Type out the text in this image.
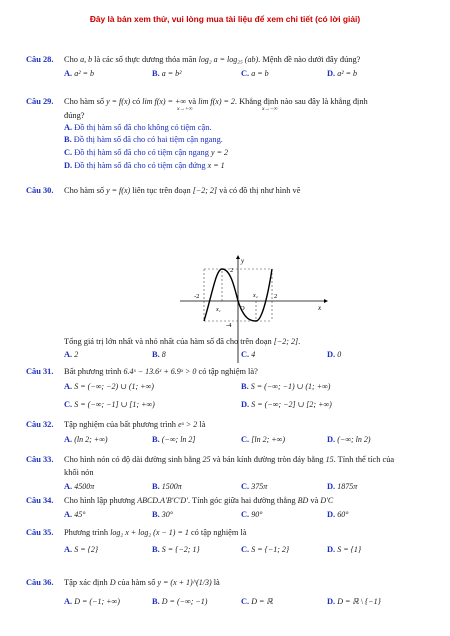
Đây là bản xem thử, vui lòng mua tài liệu để xem chi tiết (có lời giải)
Câu 28. Cho a, b là các số thực dương thỏa mãn log₂ a = log₂₅ (ab). Mệnh đề nào dưới đây đúng?
A. a² = b	B. a = b²	C. a = b	D. a² = b
Câu 29. Cho hàm số y = f(x) có lim f(x) = +∞ và lim f(x) = 2. Khẳng định nào sau đây là khẳng định
x→+∞	x→−∞
đúng?
A. Đồ thị hàm số đã cho không có tiệm cận.
B. Đồ thị hàm số đã cho có hai tiệm cận ngang.
C. Đồ thị hàm số đã cho có tiệm cận ngang y = 2
D. Đồ thị hàm số đã cho có tiệm cận đứng x = 1
Câu 30. Cho hàm số y = f(x) liên tục trên đoạn [−2; 2] và có đồ thị như hình vẽ
y
x
O
x₁
x₂
2
-4
-2	2
Tổng giá trị lớn nhất và nhỏ nhất của hàm số đã cho trên đoạn [−2; 2].
A. 2	B. 8	C. 4	D. 0
Câu 31. Bất phương trình 6.4ˣ − 13.6ˣ + 6.9ˣ > 0 có tập nghiệm là?
A. S = (−∞; −2) ∪ (1; +∞)	B. S = (−∞; −1) ∪ (1; +∞)
C. S = (−∞; −1] ∪ [1; +∞)	D. S = (−∞; −2] ∪ [2; +∞)
Câu 32. Tập nghiệm của bất phương trình eˣ > 2 là
A. (ln 2; +∞)	B. (−∞; ln 2]	C. [ln 2; +∞)	D. (−∞; ln 2)
Câu 33. Cho hình nón có độ dài đường sinh bằng 25 và bán kính đường tròn đáy bằng 15. Tính thể tích của
khối nón
A. 4500π	B. 1500π	C. 375π	D. 1875π
Câu 34. Cho hình lập phương ABCD.A′B′C′D′. Tính góc giữa hai đường thẳng BD và D′C
A. 45°	B. 30°	C. 90°	D. 60°
Câu 35. Phương trình log₂ x + log₂ (x − 1) = 1 có tập nghiệm là
A. S = {2}	B. S = {−2; 1}	C. S = {−1; 2}	D. S = {1}
Câu 36. Tập xác định D của hàm số y = (x + 1)^(1/3) là
A. D = (−1; +∞)	B. D = (−∞; −1)	C. D = ℝ	D. D = ℝ \ {−1}
